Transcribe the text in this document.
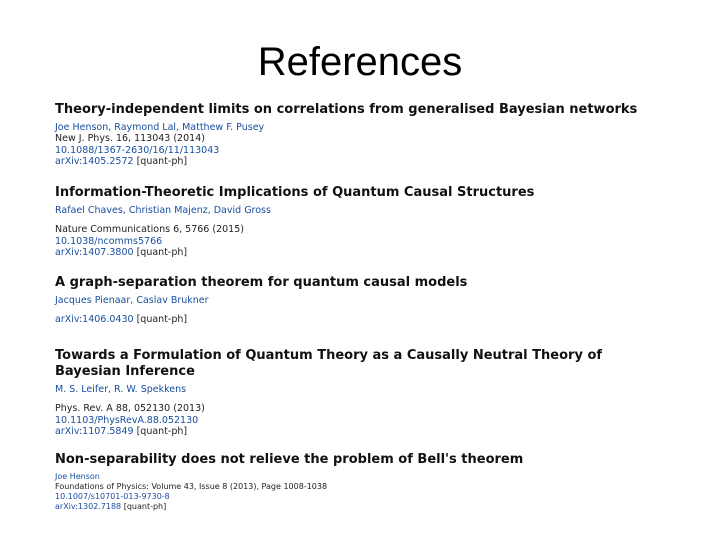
References
Theory-independent limits on correlations from generalised Bayesian networks
Joe Henson, Raymond Lal, Matthew F. Pusey
New J. Phys. 16, 113043 (2014)
10.1088/1367-2630/16/11/113043
arXiv:1405.2572 [quant-ph]
Information-Theoretic Implications of Quantum Causal Structures
Rafael Chaves, Christian Majenz, David Gross
Nature Communications 6, 5766 (2015)
10.1038/ncomms5766
arXiv:1407.3800 [quant-ph]
A graph-separation theorem for quantum causal models
Jacques Pienaar, Caslav Brukner
arXiv:1406.0430 [quant-ph]
Towards a Formulation of Quantum Theory as a Causally Neutral Theory of Bayesian Inference
M. S. Leifer, R. W. Spekkens
Phys. Rev. A 88, 052130 (2013)
10.1103/PhysRevA.88.052130
arXiv:1107.5849 [quant-ph]
Non-separability does not relieve the problem of Bell's theorem
Joe Henson
Foundations of Physics: Volume 43, Issue 8 (2013), Page 1008-1038
10.1007/s10701-013-9730-8
arXiv:1302.7188 [quant-ph]
